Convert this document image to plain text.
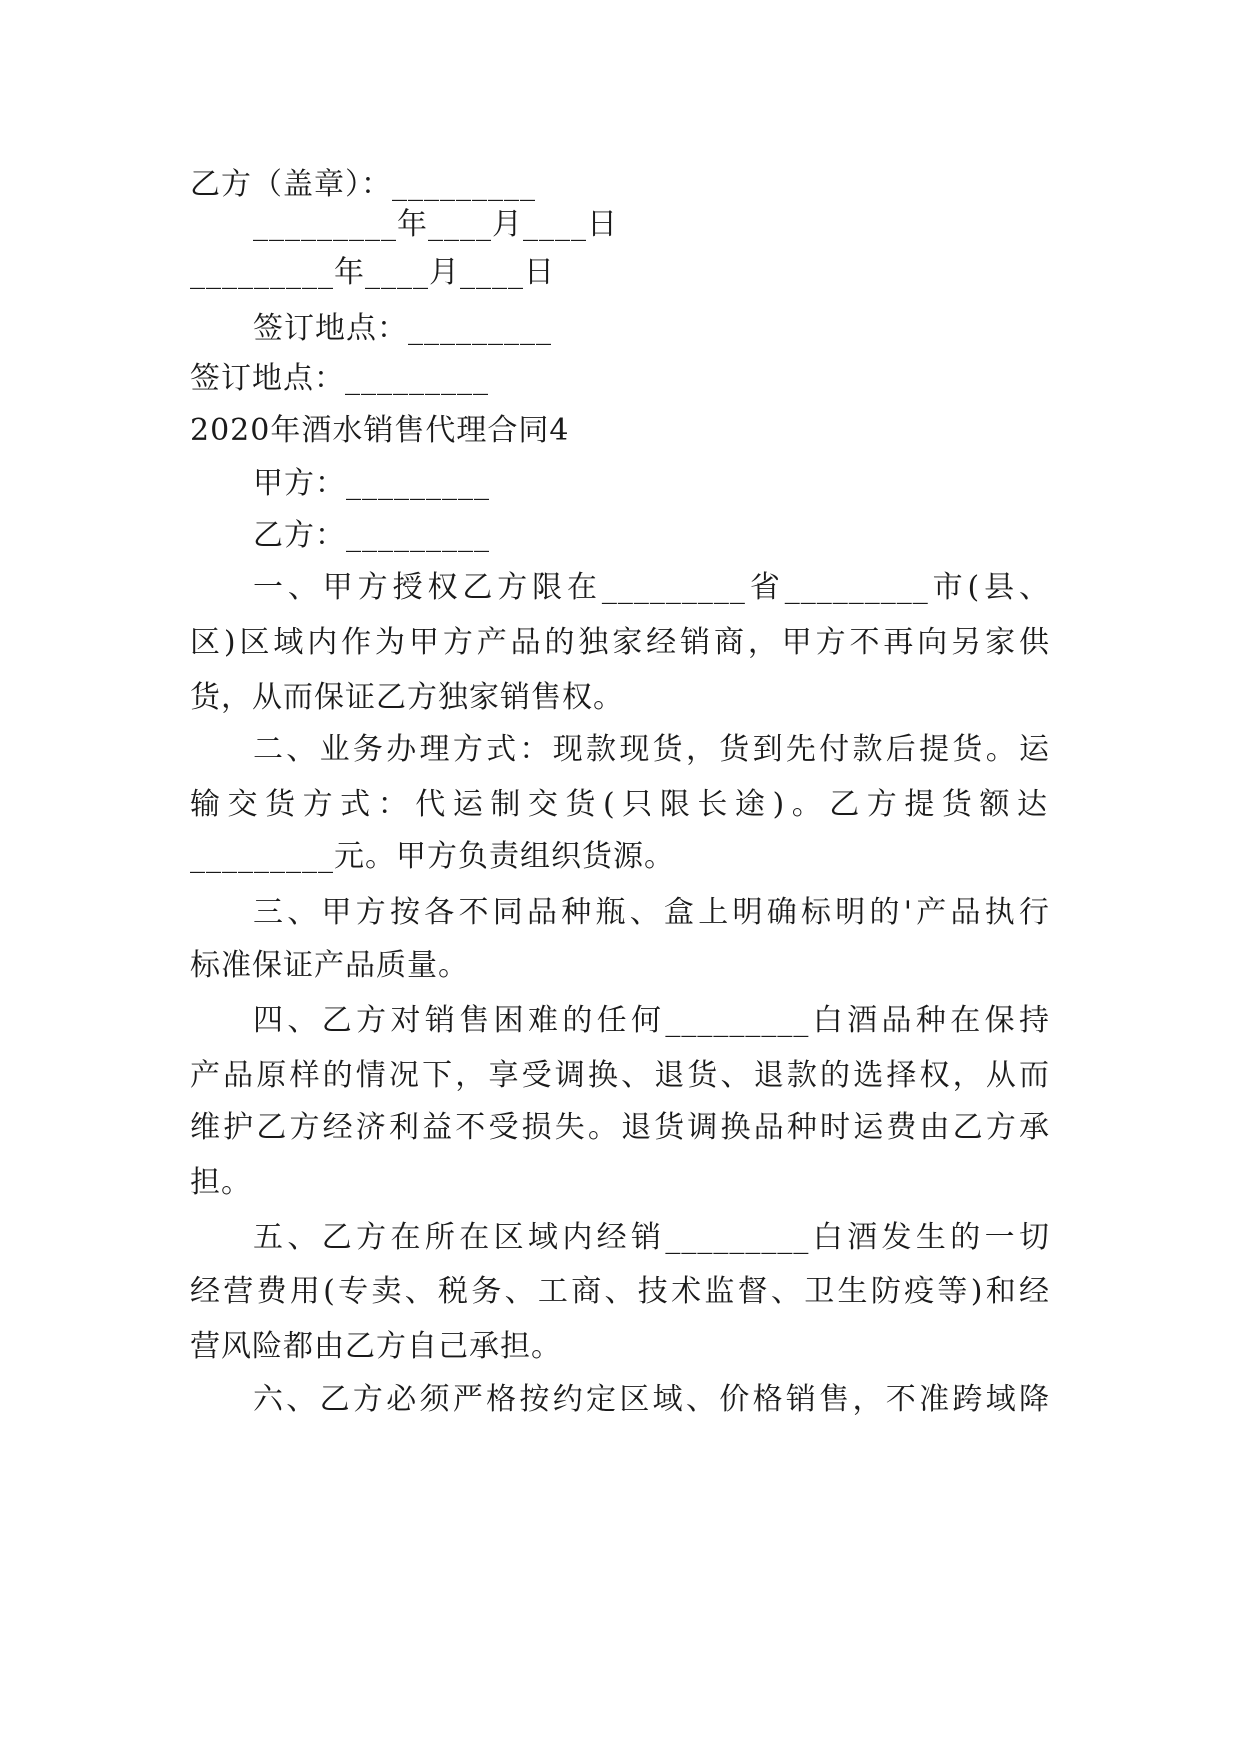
乙方（盖章）：_________
_________年____月____日
_________年____月____日
签订地点：_________
签订地点：_________
2020年酒水销售代理合同4
甲方：_________
乙方：_________
一、甲方授权乙方限在_________省_________市(县、
区)区域内作为甲方产品的独家经销商，甲方不再向另家供
货，从而保证乙方独家销售权。
二、业务办理方式：现款现货，货到先付款后提货。运
输交货方式：代运制交货(只限长途)。乙方提货额达
_________元。甲方负责组织货源。
三、甲方按各不同品种瓶、盒上明确标明的'产品执行
标准保证产品质量。
四、乙方对销售困难的任何_________白酒品种在保持
产品原样的情况下，享受调换、退货、退款的选择权，从而
维护乙方经济利益不受损失。退货调换品种时运费由乙方承
担。
五、乙方在所在区域内经销_________白酒发生的一切
经营费用(专卖、税务、工商、技术监督、卫生防疫等)和经
营风险都由乙方自己承担。
六、乙方必须严格按约定区域、价格销售，不准跨域降
